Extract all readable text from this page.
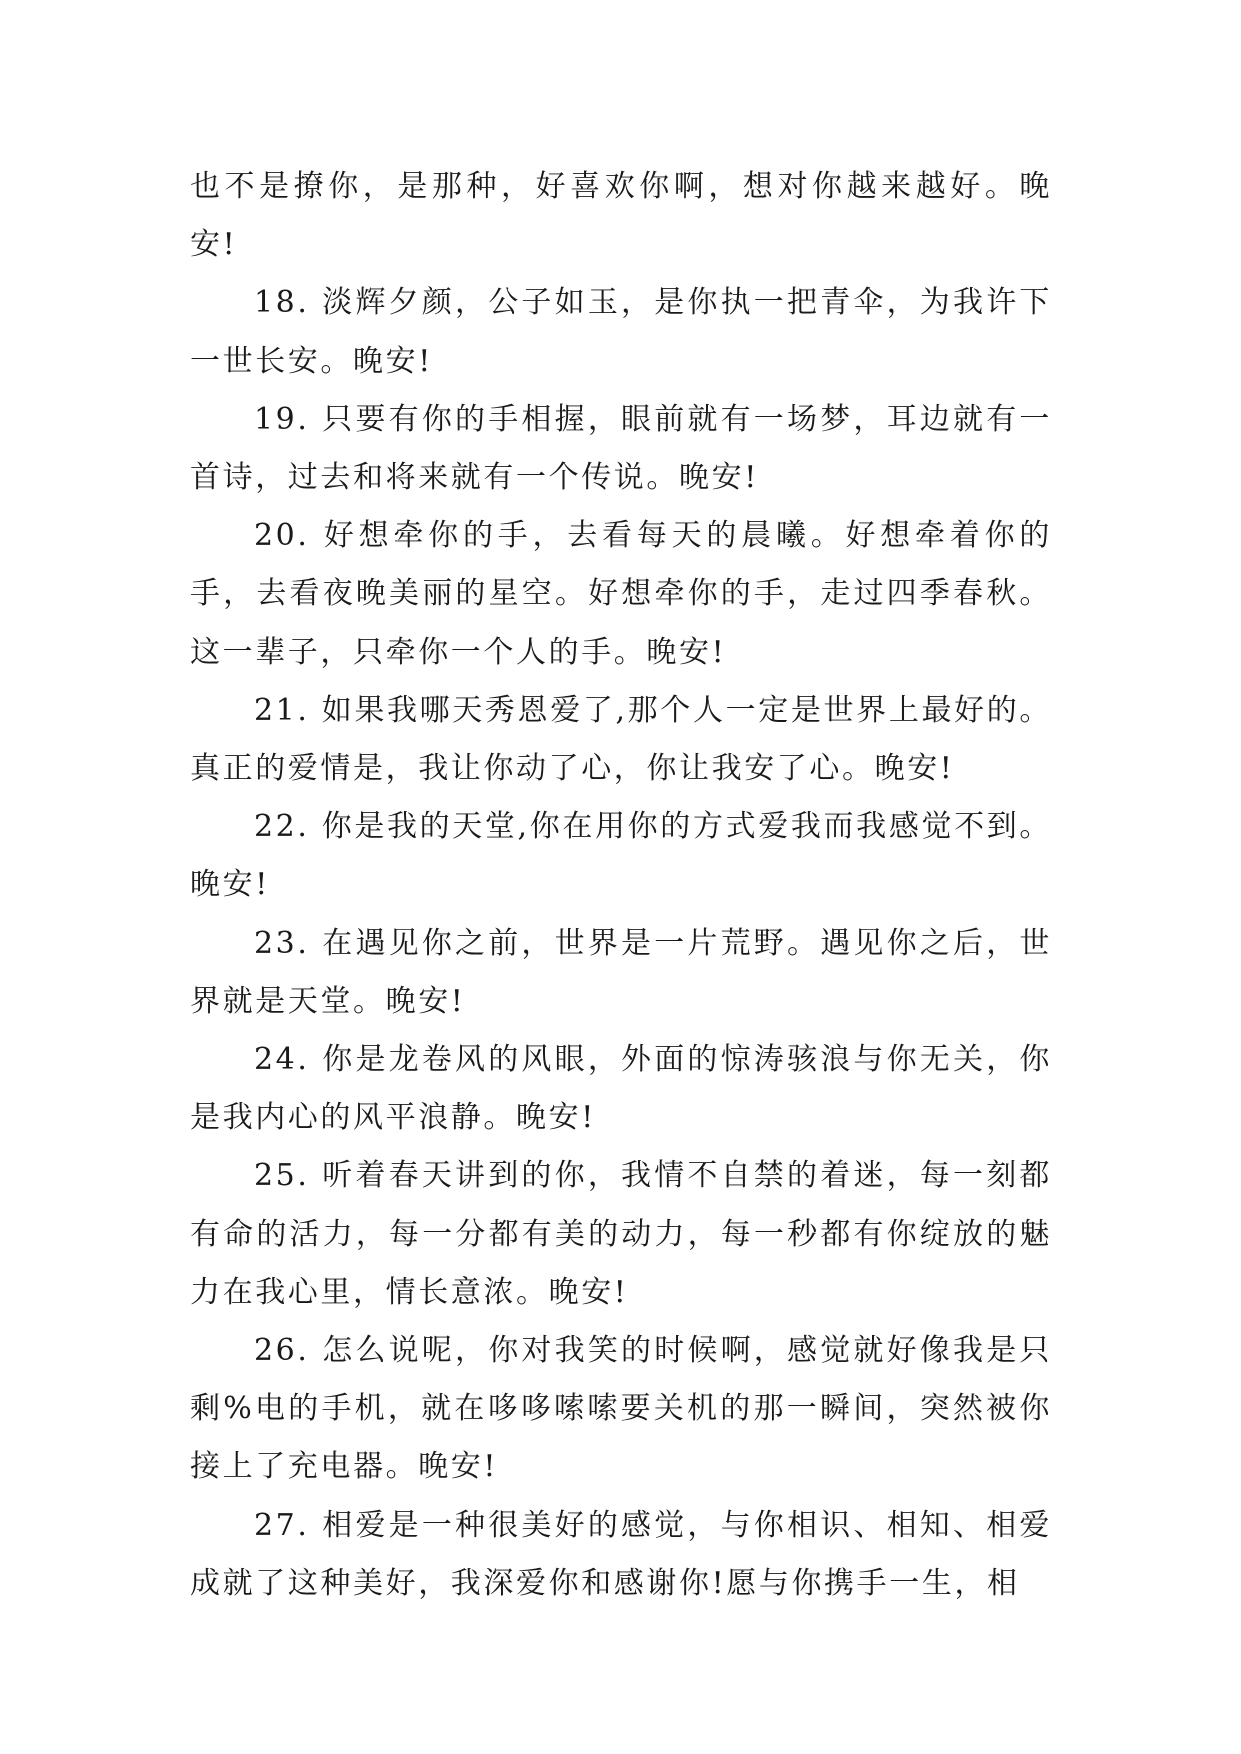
也不是撩你，是那种，好喜欢你啊，想对你越来越好。晚安!

18. 淡辉夕颜，公子如玉，是你执一把青伞，为我许下一世长安。晚安!

19. 只要有你的手相握，眼前就有一场梦，耳边就有一首诗，过去和将来就有一个传说。晚安!

20. 好想牵你的手，去看每天的晨曦。好想牵着你的手，去看夜晚美丽的星空。好想牵你的手，走过四季春秋。这一辈子，只牵你一个人的手。晚安!

21. 如果我哪天秀恩爱了,那个人一定是世界上最好的。真正的爱情是，我让你动了心，你让我安了心。晚安!

22. 你是我的天堂,你在用你的方式爱我而我感觉不到。晚安!

23. 在遇见你之前，世界是一片荒野。遇见你之后，世界就是天堂。晚安!

24. 你是龙卷风的风眼，外面的惊涛骇浪与你无关，你是我内心的风平浪静。晚安!

25. 听着春天讲到的你，我情不自禁的着迷，每一刻都有命的活力，每一分都有美的动力，每一秒都有你绽放的魅力在我心里，情长意浓。晚安!

26. 怎么说呢，你对我笑的时候啊，感觉就好像我是只剩%电的手机，就在哆哆嗦嗦要关机的那一瞬间，突然被你接上了充电器。晚安!

27. 相爱是一种很美好的感觉，与你相识、相知、相爱成就了这种美好，我深爱你和感谢你!愿与你携手一生，相
